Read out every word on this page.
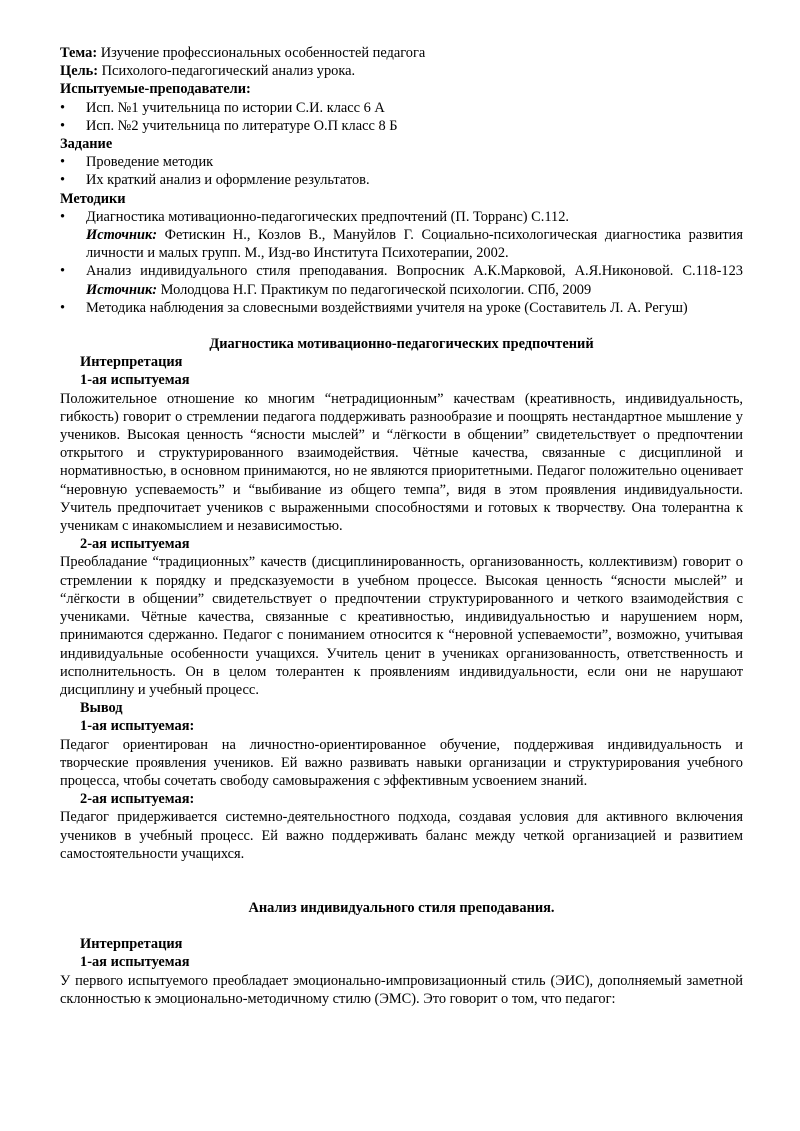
Тема: Изучение профессиональных особенностей педагога

Цель: Психолого-педагогический анализ урока.

Испытуемые-преподаватели:

• Исп. №1 учительница по истории С.И. класс 6 А

• Исп. №2 учительница по литературе О.П класс 8 Б

Задание

• Проведение методик

• Их краткий анализ и оформление результатов.

Методики

• Диагностика мотивационно-педагогических предпочтений (П. Торранс) С.112.

Источник: Фетискин Н., Козлов В., Мануйлов Г. Социально-психологическая диагностика развития личности и малых групп. М., Изд-во Института Психотерапии, 2002.

• Анализ индивидуального стиля преподавания. Вопросник А.К.Марковой, А.Я.Никоновой. С.118-123 Источник: Молодцова Н.Г. Практикум по педагогической психологии. СПб, 2009

• Методика наблюдения за словесными воздействиями учителя на уроке (Составитель Л. А. Регуш)

Диагностика мотивационно-педагогических предпочтений

Интерпретация

1-ая испытуемая

Положительное отношение ко многим “нетрадиционным” качествам (креативность, индивидуальность, гибкость) говорит о стремлении педагога поддерживать разнообразие и поощрять нестандартное мышление у учеников. Высокая ценность “ясности мыслей” и “лёгкости в общении” свидетельствует о предпочтении открытого и структурированного взаимодействия. Чётные качества, связанные с дисциплиной и нормативностью, в основном принимаются, но не являются приоритетными. Педагог положительно оценивает “неровную успеваемость” и “выбивание из общего темпа”, видя в этом проявления индивидуальности. Учитель предпочитает учеников с выраженными способностями и готовых к творчеству. Она толерантна к ученикам с инакомыслием и независимостью.

2-ая испытуемая

Преобладание “традиционных” качеств (дисциплинированность, организованность, коллективизм) говорит о стремлении к порядку и предсказуемости в учебном процессе. Высокая ценность “ясности мыслей” и “лёгкости в общении” свидетельствует о предпочтении структурированного и четкого взаимодействия с учениками. Чётные качества, связанные с креативностью, индивидуальностью и нарушением норм, принимаются сдержанно. Педагог с пониманием относится к “неровной успеваемости”, возможно, учитывая индивидуальные особенности учащихся. Учитель ценит в учениках организованность, ответственность и исполнительность. Он в целом толерантен к проявлениям индивидуальности, если они не нарушают дисциплину и учебный процесс.

Вывод

1-ая испытуемая:

Педагог ориентирован на личностно-ориентированное обучение, поддерживая индивидуальность и творческие проявления учеников. Ей важно развивать навыки организации и структурирования учебного процесса, чтобы сочетать свободу самовыражения с эффективным усвоением знаний.

2-ая испытуемая:

Педагог придерживается системно-деятельностного подхода, создавая условия для активного включения учеников в учебный процесс. Ей важно поддерживать баланс между четкой организацией и развитием самостоятельности учащихся.

Анализ индивидуального стиля преподавания.

Интерпретация

1-ая испытуемая

У первого испытуемого преобладает эмоционально-импровизационный стиль (ЭИС), дополняемый заметной склонностью к эмоционально-методичному стилю (ЭМС). Это говорит о том, что педагог:
